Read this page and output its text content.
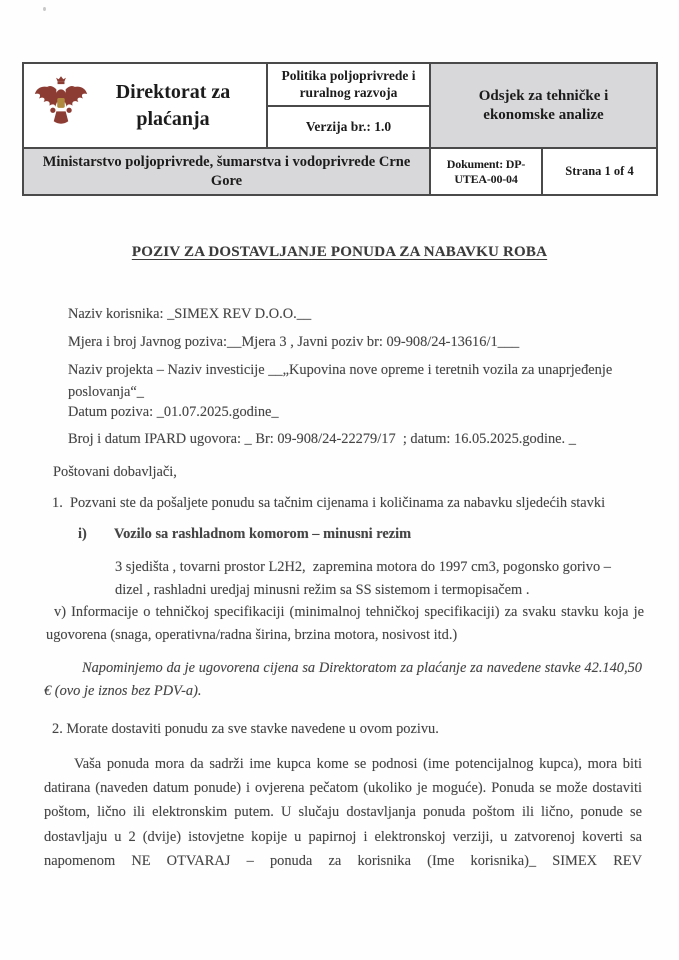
Direktorat za plaćanja
Politika poljoprivrede i ruralnog razvoja
Verzija br.: 1.0
Odsjek za tehničke i ekonomske analize
Ministarstvo poljoprivrede, šumarstva i vodoprivrede Crne Gore
Dokument: DP-UTEA-00-04
Strana 1 of 4
POZIV ZA DOSTAVLJANJE PONUDA ZA NABAVKU ROBA
Naziv korisnika: _SIMEX REV D.O.O.__
Mjera i broj Javnog poziva:__Mjera 3 , Javni poziv br: 09-908/24-13616/1___
Naziv projekta – Naziv investicije __„Kupovina nove opreme i teretnih vozila za unaprjeđenje poslovanja“_
Datum poziva: _01.07.2025.godine_
Broj i datum IPARD ugovora: _ Br: 09-908/24-22279/17  ; datum: 16.05.2025.godine. _
Poštovani dobavljači,
1.  Pozvani ste da pošaljete ponudu sa tačnim cijenama i količinama za nabavku sljedećih stavki
i) Vozilo sa rashladnom komorom – minusni rezim
3 sjedišta , tovarni prostor L2H2,  zapremina motora do 1997 cm3, pogonsko gorivo – dizel , rashladni uredjaj minusni režim sa SS sistemom i termopisačem .
v) Informacije o tehničkoj specifikaciji (minimalnoj tehničkoj specifikaciji) za svaku stavku koja je ugovorena (snaga, operativna/radna širina, brzina motora, nosivost itd.)
Napominjemo da je ugovorena cijena sa Direktoratom za plaćanje za navedene stavke 42.140,50 € (ovo je iznos bez PDV-a).
2. Morate dostaviti ponudu za sve stavke navedene u ovom pozivu.
Vaša ponuda mora da sadrži ime kupca kome se podnosi (ime potencijalnog kupca), mora biti datirana (naveden datum ponude) i ovjerena pečatom (ukoliko je moguće). Ponuda se može dostaviti poštom, lično ili elektronskim putem. U slučaju dostavljanja ponuda poštom ili lično, ponude se dostavljaju u 2 (dvije) istovjetne kopije u papirnoj i elektronskoj verziji, u zatvorenoj koverti sa napomenom NE OTVARAJ – ponuda za korisnika (Ime korisnika)_ SIMEX REV
